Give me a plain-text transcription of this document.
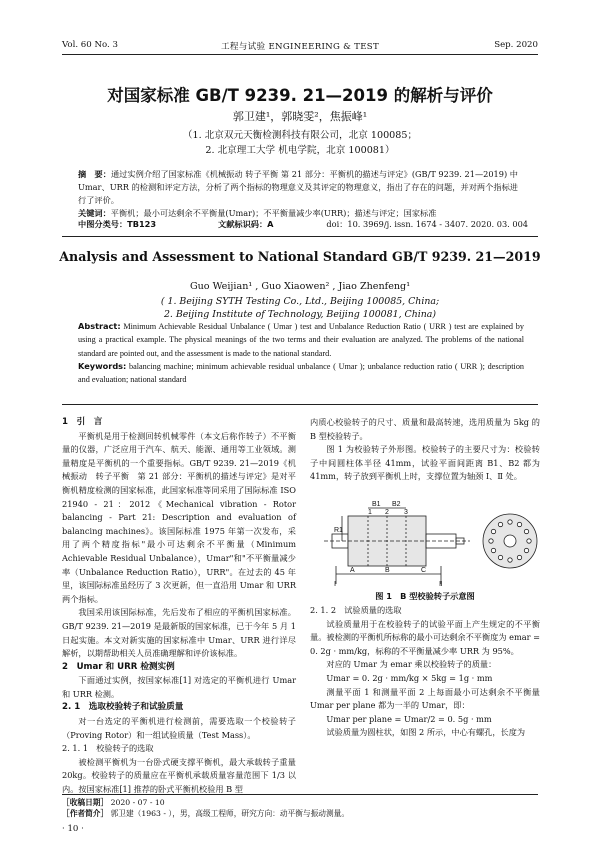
Vol. 60 No. 3	工程与试验 ENGINEERING & TEST	Sep. 2020
对国家标准 GB/T 9239. 21—2019 的解析与评价
郭卫建¹，郭晓雯²，焦振峰¹
（1. 北京双元天衡检测科技有限公司，北京 100085；
2. 北京理工大学 机电学院，北京 100081）
摘　要：通过实例介绍了国家标准《机械振动 转子平衡 第 21 部分：平衡机的描述与评定》(GB/T 9239. 21—2019) 中 Umar、URR 的检测和评定方法，分析了两个指标的物理意义及其评定的物理意义，指出了存在的问题，并对两个指标进行了评价。
关键词：平衡机；最小可达剩余不平衡量(Umar)；不平衡量减少率(URR)；描述与评定；国家标准
中图分类号：TB123	文献标识码：A	doi：10. 3969/j. issn. 1674 - 3407. 2020. 03. 004
Analysis and Assessment to National Standard GB/T 9239. 21—2019
Guo Weijian¹ , Guo Xiaowen² , Jiao Zhenfeng¹
( 1. Beijing SYTH Testing Co., Ltd., Beijing 100085, China;
2. Beijing Institute of Technology, Beijing 100081, China)
Abstract: Minimum Achievable Residual Unbalance ( Umar ) test and Unbalance Reduction Ratio ( URR ) test are explained by using a practical example. The physical meanings of the two terms and their evaluation are analyzed. The problems of the national standard are pointed out, and the assessment is made to the national standard.
Keywords: balancing machine; minimum achievable residual unbalance ( Umar ); unbalance reduction ratio ( URR ); description and evaluation; national standard

1　引　言

平衡机是用于检测回转机械零件（本文后称作转子）不平衡量的仪器，广泛应用于汽车、航天、能源、通用等工业领域。测量精度是平衡机的一个重要指标。GB/T 9239. 21—2019《机械振动　转子平衡　第 21 部分：平衡机的描述与评定》是对平衡机精度检测的国家标准，此国家标准等同采用了国际标准 ISO 21940 - 21：2012《Mechanical vibration - Rotor balancing - Part 21: Description and evaluation of balancing machines》。该国际标准 1975 年第一次发布，采用了两个精度指标"最小可达剩余不平衡量（Minimum Achievable Residual Unbalance），Umar"和"不平衡量减少率（Unbalance Reduction Ratio），URR"。在过去的 45 年里，该国际标准虽经历了 3 次更新，但一直沿用 Umar 和 URR 两个指标。

我国采用该国际标准，先后发布了相应的平衡机国家标准。GB/T 9239. 21—2019 是最新版的国家标准，已于今年 5 月 1 日起实施。本文对新实施的国家标准中 Umar、URR 进行详尽解析，以期帮助相关人员准确理解和评价该标准。

2　Umar 和 URR 检测实例

下面通过实例，按国家标准[1] 对选定的平衡机进行 Umar 和 URR 检测。

2. 1　选取校验转子和试验质量

对一台选定的平衡机进行检测前，需要选取一个校验转子（Proving Rotor）和一组试验质量（Test Mass）。

2. 1. 1　校验转子的选取

被检测平衡机为一台卧式硬支撑平衡机，最大承载转子重量 20kg。校验转子的质量应在平衡机承载质量容量范围下 1/3 以内。按国家标准[1] 推荐的卧式平衡机校验用 B 型

内质心校验转子的尺寸、质量和最高转速，选用质量为 5kg 的 B 型校验转子。

图 1 为校验转子外形图。校验转子的主要尺寸为：校验转子中间圆柱体半径 41mm，试验平面间距离 B1、B2 都为 41mm，转子放到平衡机上时，支撑位置为轴颈 Ⅰ、Ⅱ 处。

1
B1
2
B2
3
R1
A	B	C
Ⅰ	Ⅱ
图 1　B 型校验转子示意图

2. 1. 2　试验质量的选取

试验质量用于在校验转子的试验平面上产生规定的不平衡量。被检测的平衡机所标称的最小可达剩余不平衡度为 emar = 0. 2g · mm/kg，标称的不平衡量减少率 URR 为 95%。

对应的 Umar 为 emar 乘以校验转子的质量：

Umar = 0. 2g · mm/kg × 5kg = 1g · mm

测量平面 1 和测量平面 2 上每面最小可达剩余不平衡量 Umar per plane 都为一半的 Umar，即：

Umar per plane = Umar/2 = 0. 5g · mm

试验质量为圆柱状，如图 2 所示，中心有螺孔，长度为

［收稿日期］ 2020 - 07 - 10
［作者简介］ 郭卫建（1963 - ），男，高级工程师，研究方向：动平衡与振动测量。
· 10 ·
